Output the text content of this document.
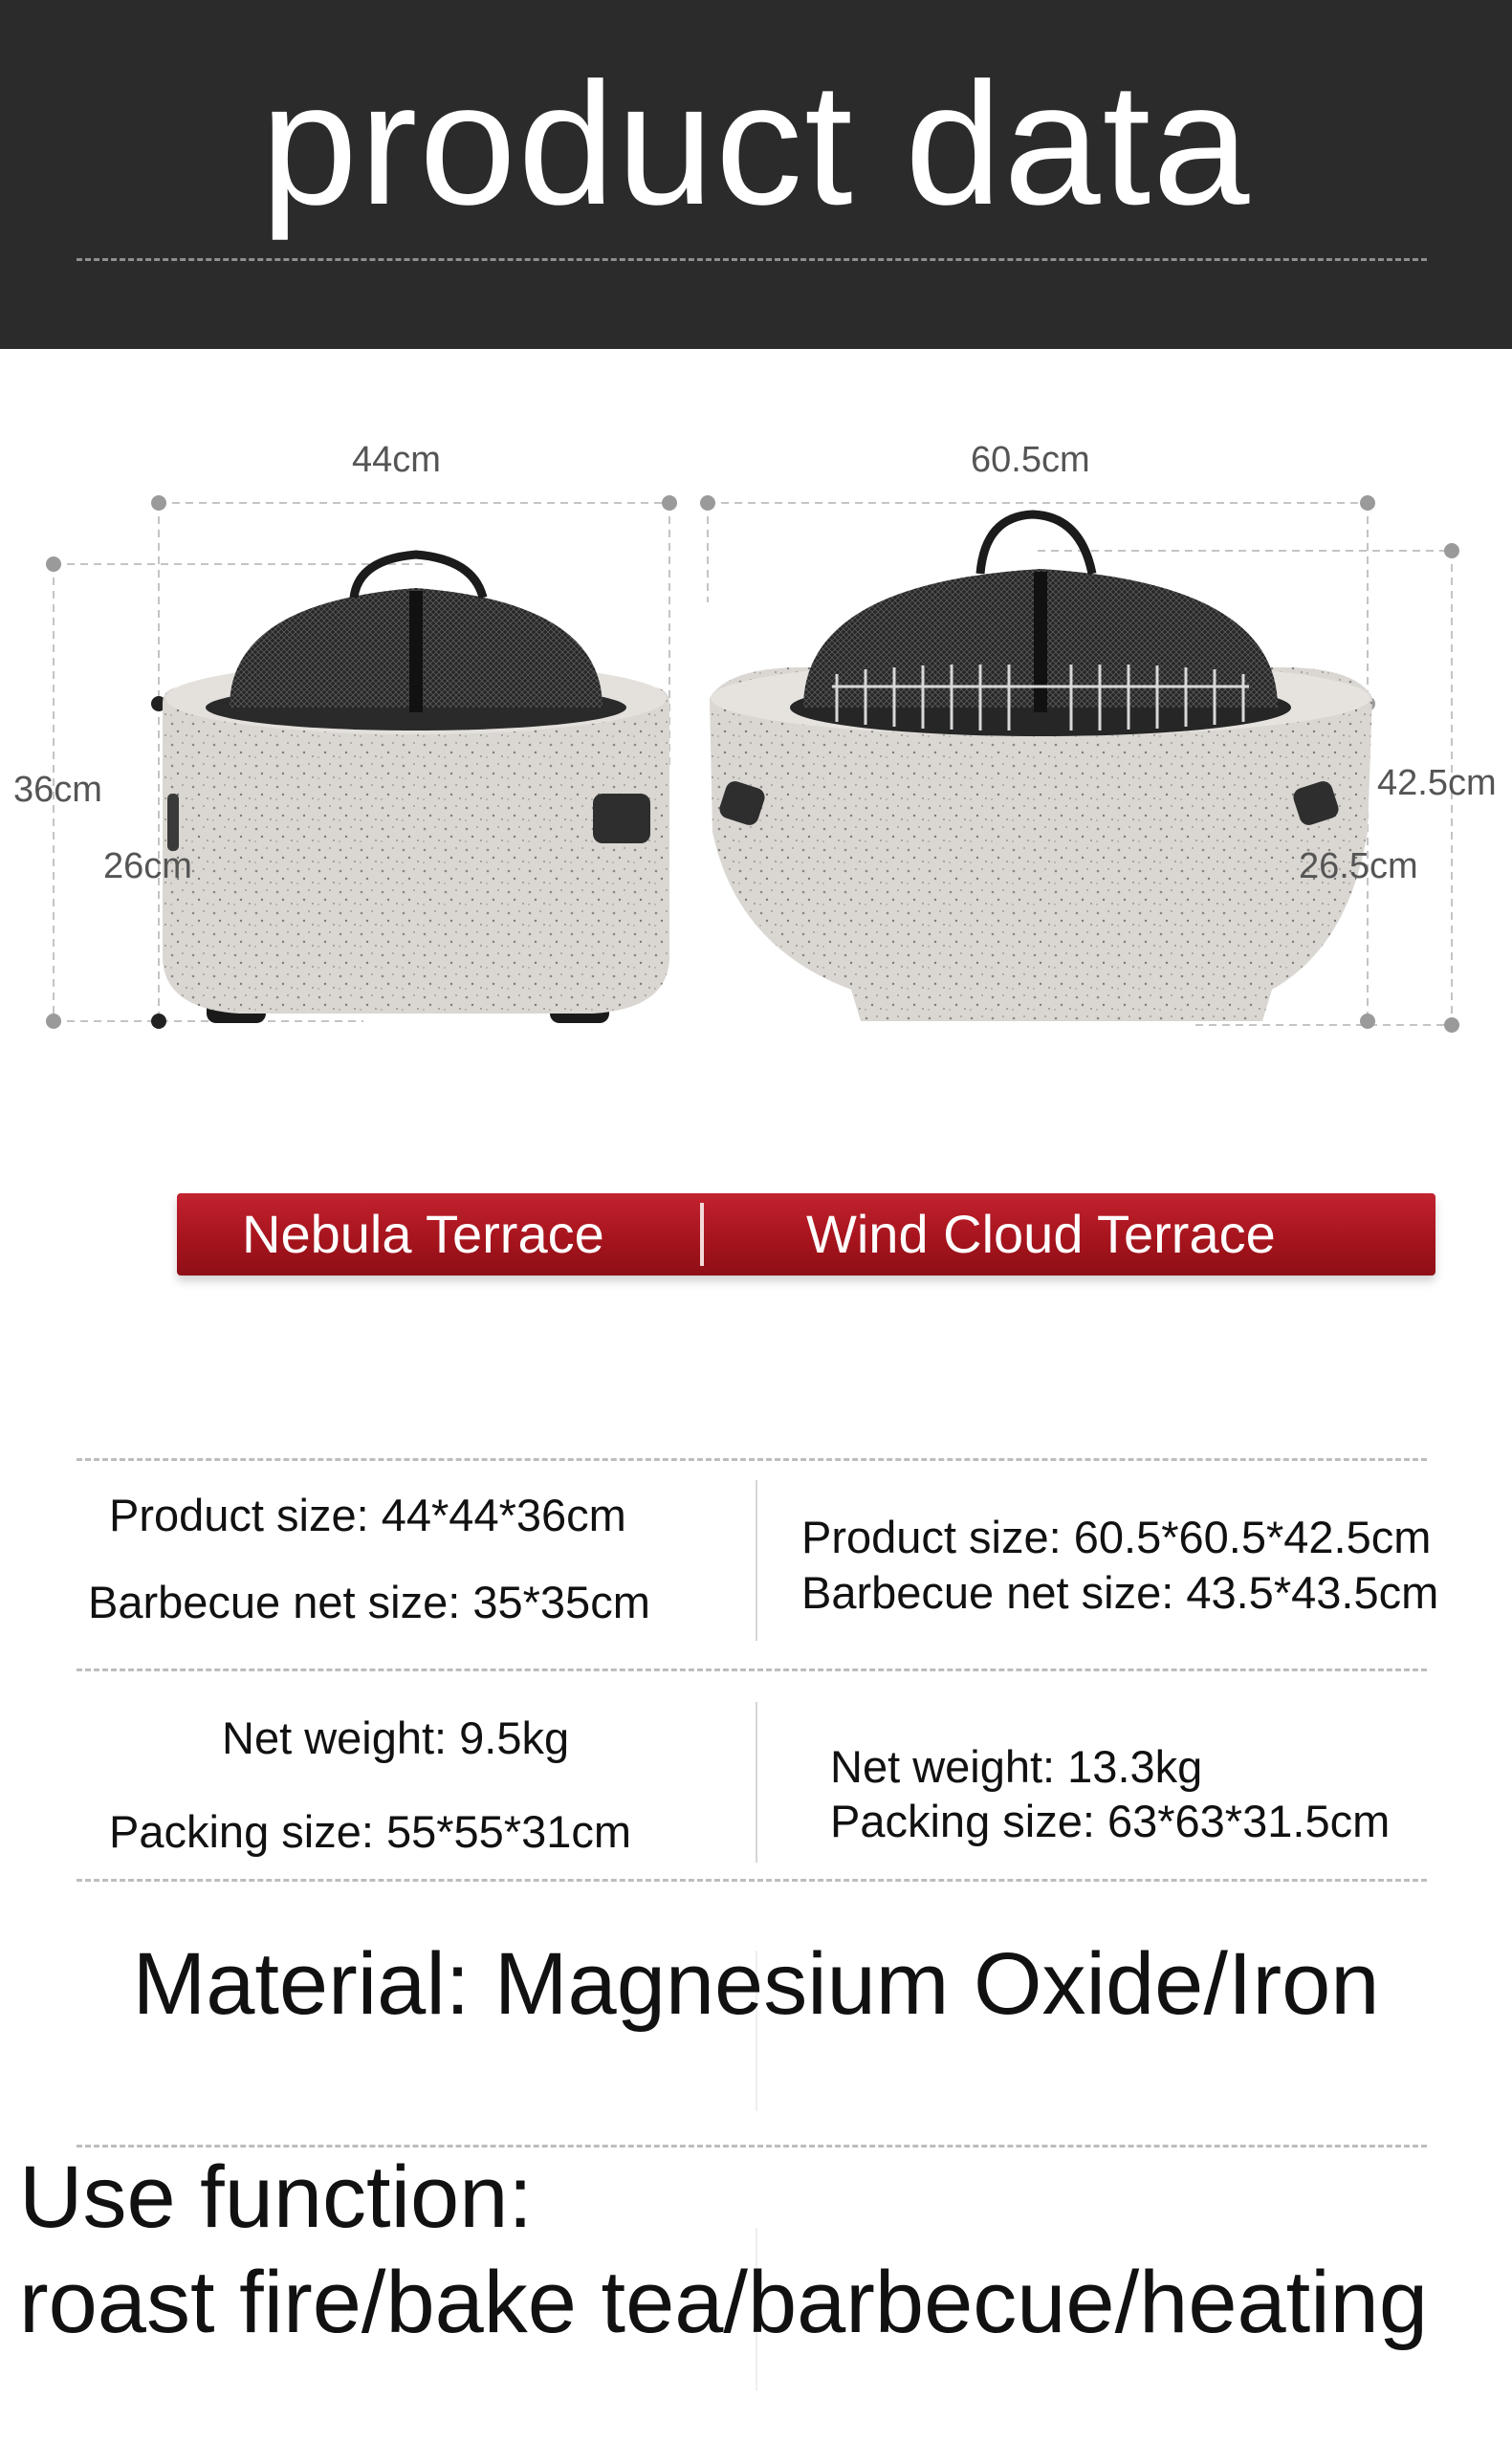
product data
44cm
36cm
26cm
60.5cm
42.5cm
26.5cm
Nebula Terrace	Wind Cloud Terrace
Product size: 44*44*36cm
Barbecue net size: 35*35cm
Product size: 60.5*60.5*42.5cm
Barbecue net size: 43.5*43.5cm
Net weight: 9.5kg
Packing size: 55*55*31cm
Net weight: 13.3kg
Packing size: 63*63*31.5cm
Material: Magnesium Oxide/Iron
Use function:
roast fire/bake tea/barbecue/heating
